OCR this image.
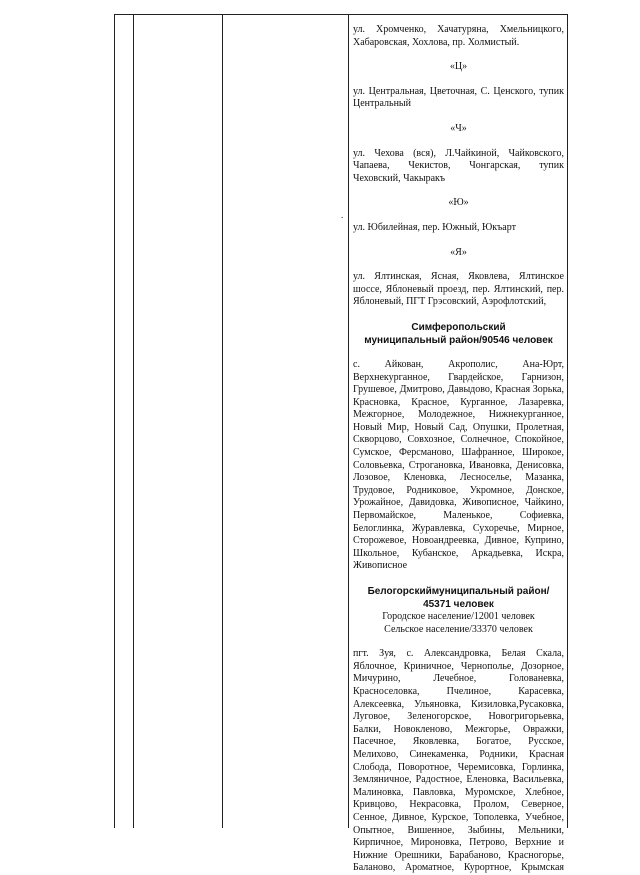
.

ул. Хромченко, Хачатуряна, Хмельницкого, Хабаровская, Хохлова, пр. Холмистый.

«Ц»

ул. Центральная, Цветочная, С. Ценского, тупик Центральный

«Ч»

ул. Чехова (вся), Л.Чайкиной, Чайковского, Чапаева, Чекистов, Чонгарская, тупик Чеховский, Чакыракъ

«Ю»

ул. Юбилейная, пер. Южный, Юкъарт

«Я»

ул. Ялтинская, Ясная, Яковлева, Ялтинское шоссе, Яблоневый проезд, пер. Ялтинский, пер. Яблоневый, ПГТ Грэсовский, Аэрофлотский,

Симферопольский
муниципальный район/90546 человек

с. Айкован, Акрополис, Ана-Юрт, Верхнекурганное, Гвардейское, Гарнизон, Грушевое, Дмитрово, Давыдово, Красная Зорька, Красновка, Красное, Курганное, Лазаревка, Межгорное, Молодежное, Нижнекурганное, Новый Мир, Новый Сад, Опушки, Пролетная, Скворцово, Совхозное, Солнечное, Спокойное, Сумское, Ферсманово, Шафранное, Широкое, Соловьевка, Строгановка, Ивановка, Денисовка, Лозовое, Кленовка, Лесноселье, Мазанка, Трудовое, Родниковое, Укромное, Донское, Урожайное, Давидовка, Живописное, Чайкино, Первомайское, Маленькое, Софиевка, Белоглинка, Журавлевка, Сухоречье, Мирное, Сторожевое, Новоандреевка, Дивное, Куприно, Школьное, Кубанское, Аркадьевка, Искра, Живописное

Белогорскиймуниципальный район/
45371 человек

Городское население/12001 человек
Сельское население/33370 человек

пгт. Зуя, с. Александровка, Белая Скала, Яблочное, Криничное, Чернополье, Дозорное, Мичурино, Лечебное, Голованевка, Красноселовка, Пчелиное, Карасевка, Алексеевка, Ульяновка, Кизиловка,Русаковка, Луговое, Зеленогорское, Новогригорьевка, Балки, Новокленово, Межгорье, Овражки, Пасечное, Яковлевка, Богатое, Русское, Мелихово, Синекаменка, Родники, Красная Слобода, Поворотное, Черемисовка, Горлинка, Земляничное, Радостное, Еленовка, Васильевка, Малиновка, Павловка, Муромское, Хлебное, Кривцово, Некрасовка, Пролом, Северное, Сенное, Дивное, Курское, Тополевка, Учебное, Опытное, Вишенное, Зыбины, Мельники, Кирпичное, Мироновка, Петрово, Верхние и Нижние Орешники, Барабаново, Красногорье, Баланово, Ароматное, Курортное, Крымская
